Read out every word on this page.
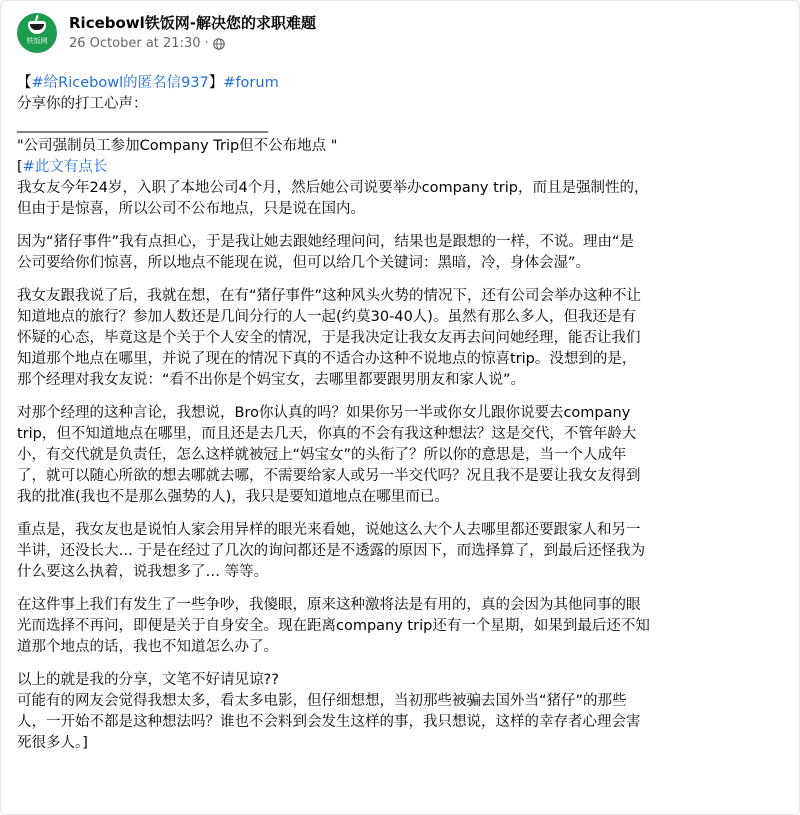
铁饭网
Ricebowl铁饭网-解决您的求职难题
26 October at 21:30 ·

【#给Ricebowl的匿名信937】#forum
分享你的打工心声：
________________________________________
"公司强制员工参加Company Trip但不公布地点 "
[#此文有点长
我女友今年24岁，入职了本地公司4个月，然后她公司说要举办company trip，而且是强制性的，
但由于是惊喜，所以公司不公布地点，只是说在国内。

因为“猪仔事件”我有点担心，于是我让她去跟她经理问问，结果也是跟想的一样，不说。理由“是
公司要给你们惊喜，所以地点不能现在说，但可以给几个关键词：黑暗，冷，身体会湿”。

我女友跟我说了后，我就在想，在有“猪仔事件”这种风头火势的情况下，还有公司会举办这种不让
知道地点的旅行？参加人数还是几间分行的人一起(约莫30-40人)。虽然有那么多人，但我还是有
怀疑的心态，毕竟这是个关于个人安全的情况，于是我决定让我女友再去问问她经理，能否让我们
知道那个地点在哪里，并说了现在的情况下真的不适合办这种不说地点的惊喜trip。没想到的是，
那个经理对我女友说：“看不出你是个妈宝女，去哪里都要跟男朋友和家人说”。

对那个经理的这种言论，我想说，Bro你认真的吗？如果你另一半或你女儿跟你说要去company
trip，但不知道地点在哪里，而且还是去几天，你真的不会有我这种想法？这是交代，不管年龄大
小，有交代就是负责任，怎么这样就被冠上“妈宝女”的头衔了？所以你的意思是，当一个人成年
了，就可以随心所欲的想去哪就去哪，不需要给家人或另一半交代吗？况且我不是要让我女友得到
我的批准(我也不是那么强势的人)，我只是要知道地点在哪里而已。

重点是，我女友也是说怕人家会用异样的眼光来看她，说她这么大个人去哪里都还要跟家人和另一
半讲，还没长大… 于是在经过了几次的询问都还是不透露的原因下，而选择算了，到最后还怪我为
什么要这么执着，说我想多了… 等等。

在这件事上我们有发生了一些争吵，我傻眼，原来这种激将法是有用的，真的会因为其他同事的眼
光而选择不再问，即便是关于自身安全。现在距离company trip还有一个星期，如果到最后还不知
道那个地点的话，我也不知道怎么办了。

以上的就是我的分享，文笔不好请见谅??
可能有的网友会觉得我想太多，看太多电影，但仔细想想，当初那些被骗去国外当“猪仔”的那些
人，一开始不都是这种想法吗？谁也不会料到会发生这样的事，我只想说，这样的幸存者心理会害
死很多人。]
